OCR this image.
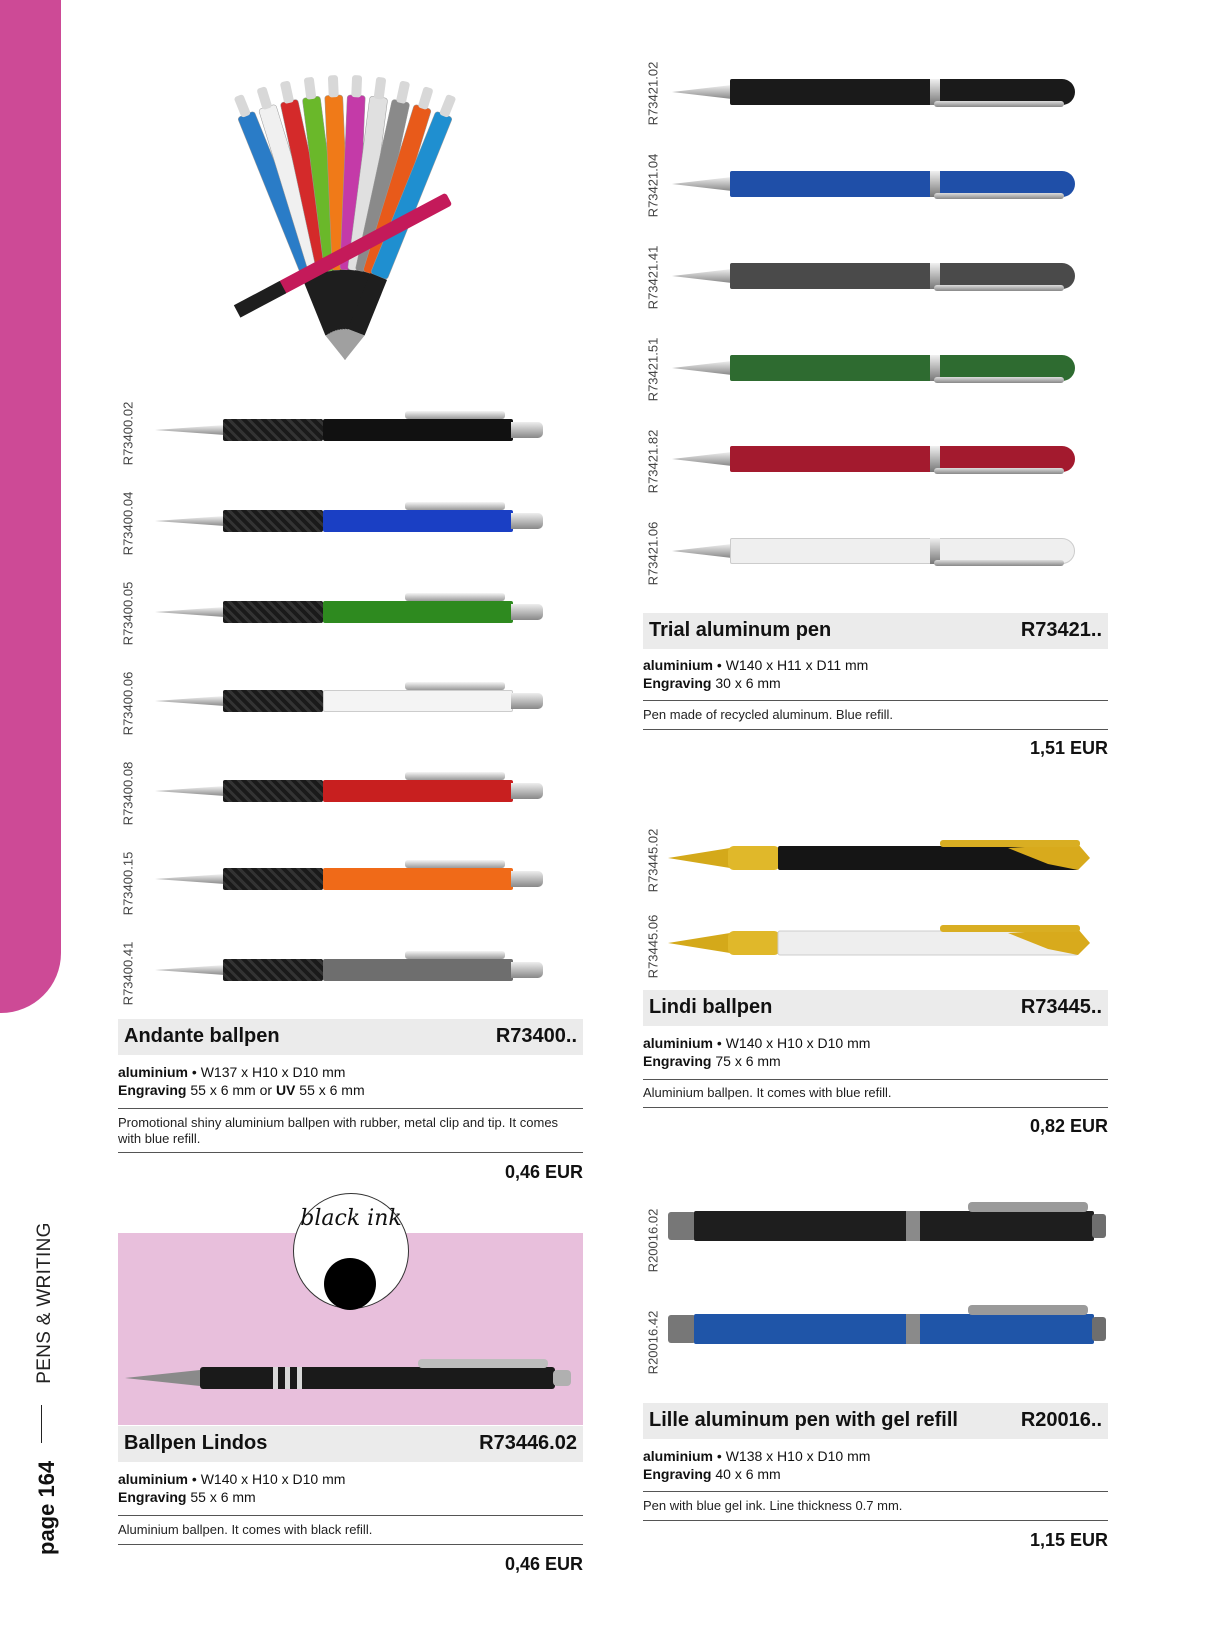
PENS & WRITING
page 164
R73400.02
R73400.04
R73400.05
R73400.06
R73400.08
R73400.15
R73400.41
Andante ballpen	R73400..
aluminium • W137 x H10 x D10 mm
Engraving 55 x 6 mm or UV 55 x 6 mm
Promotional shiny aluminium ballpen with rubber, metal clip and tip. It comes with blue refill.
0,46 EUR
black ink
Ballpen Lindos	R73446.02
aluminium • W140 x H10 x D10 mm
Engraving 55 x 6 mm
Aluminium ballpen. It comes with black refill.
0,46 EUR
R73421.02
R73421.04
R73421.41
R73421.51
R73421.82
R73421.06
Trial aluminum pen	R73421..
aluminium • W140 x H11 x D11 mm
Engraving 30 x 6 mm
Pen made of recycled aluminum. Blue refill.
1,51 EUR
R73445.02
R73445.06
Lindi ballpen	R73445..
aluminium • W140 x H10 x D10 mm
Engraving 75 x 6 mm
Aluminium ballpen. It comes with blue refill.
0,82 EUR
R20016.02
R20016.42
Lille aluminum pen with gel refill	R20016..
aluminium • W138 x H10 x D10 mm
Engraving 40 x 6 mm
Pen with blue gel ink. Line thickness 0.7 mm.
1,15 EUR
